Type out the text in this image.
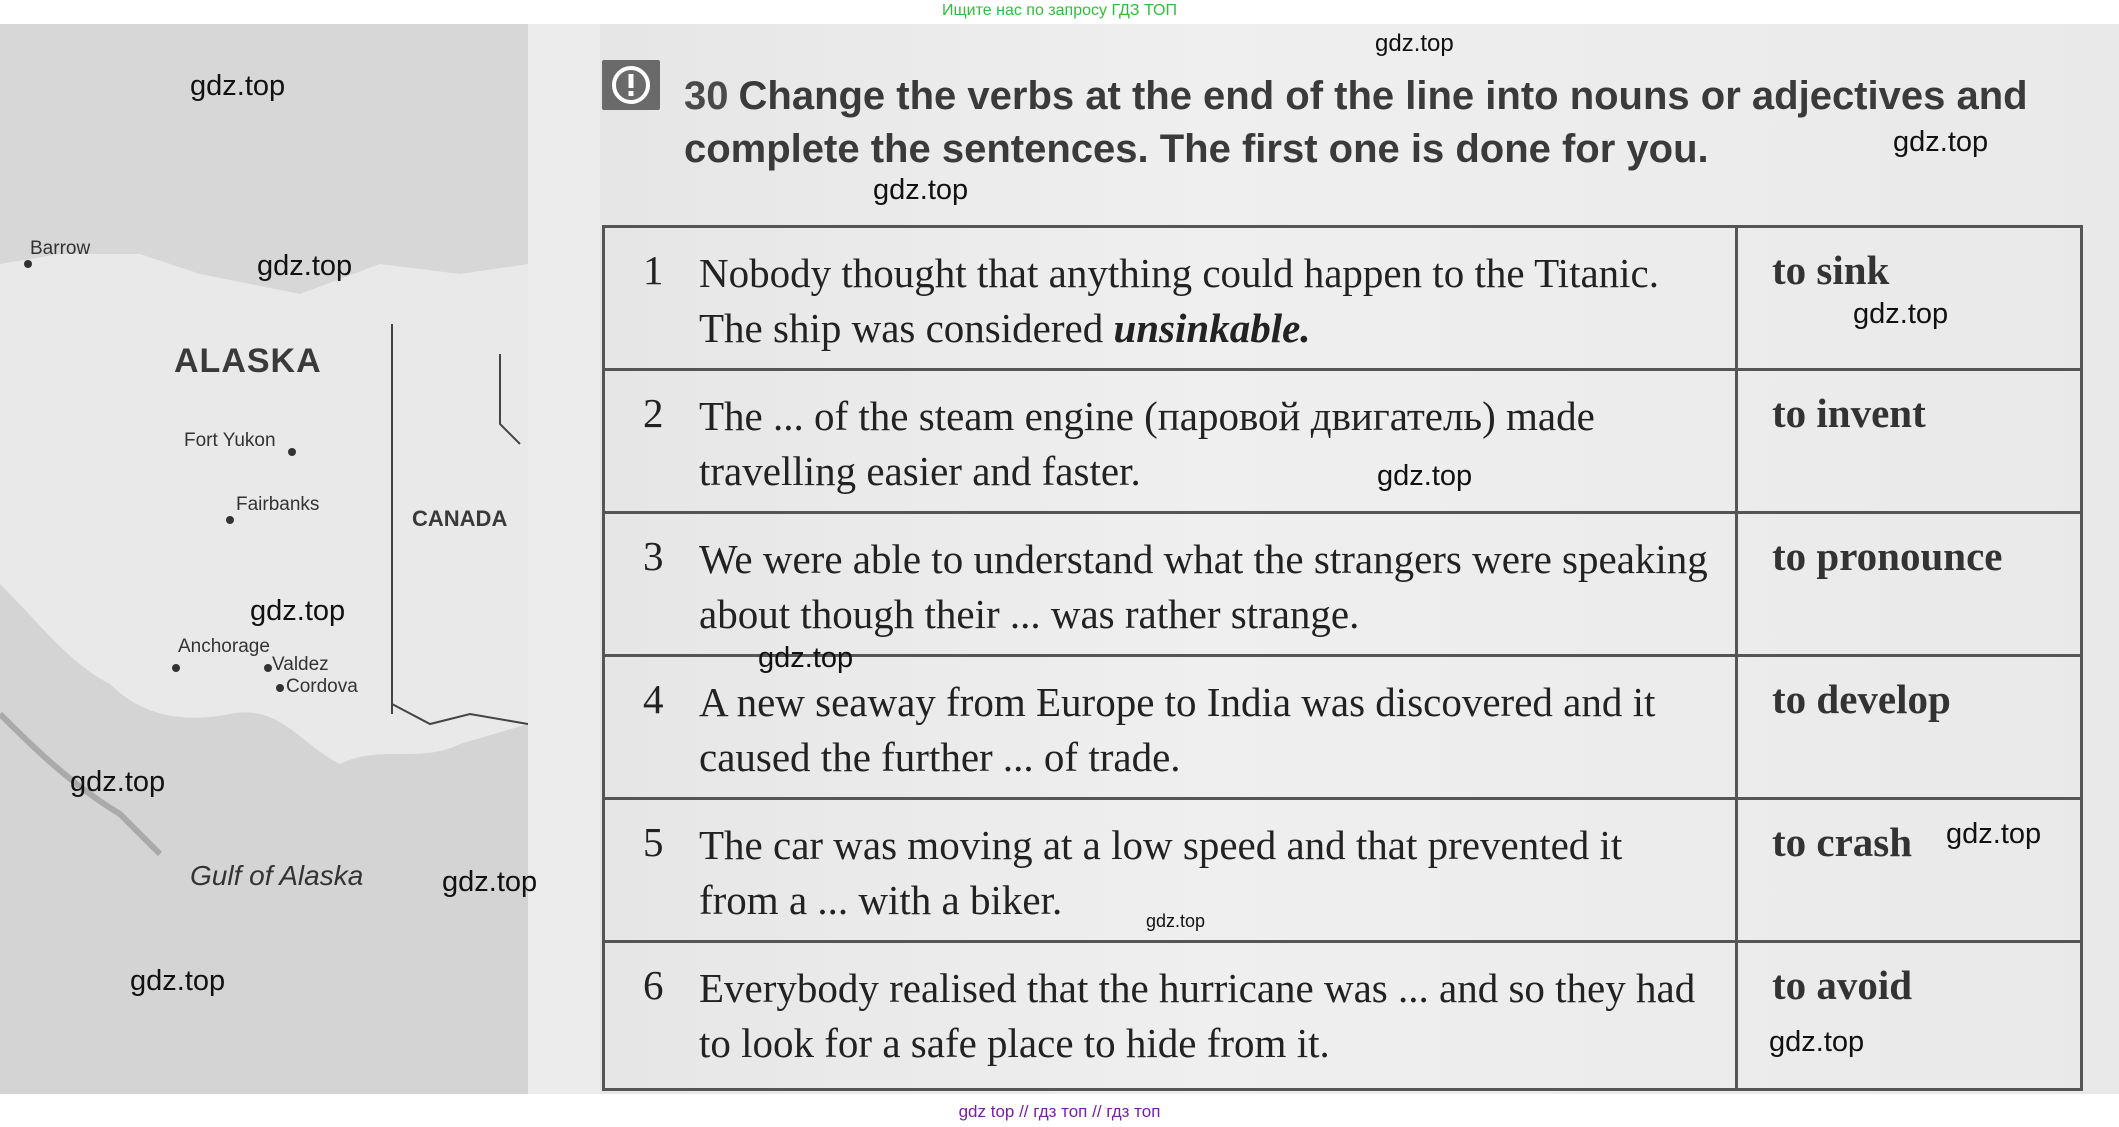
Ищите нас по запросу ГДЗ ТОП
Barrow
ALASKA
Fort Yukon
Fairbanks
CANADA
Anchorage
Valdez
Cordova
Gulf of Alaska
30 Change the verbs at the end of the line into nouns or adjectives and complete the sentences. The first one is done for you.
1 Nobody thought that anything could happen to the Titanic. The ship was considered unsinkable.
to sink
2 The ... of the steam engine (паровой двигатель) made travelling easier and faster.
to invent
3 We were able to understand what the strangers were speaking about though their ... was rather strange.
to pronounce
4 A new seaway from Europe to India was discovered and it caused the further ... of trade.
to develop
5 The car was moving at a low speed and that prevented it from a ... with a biker.
to crash
6 Everybody realised that the hurricane was ... and so they had to look for a safe place to hide from it.
to avoid
gdz.top
gdz.top
gdz.top
gdz.top
gdz.top
gdz.top
gdz.top
gdz.top
gdz.top
gdz.top
gdz.top
gdz.top
gdz.top
gdz.top
gdz.top
gdz top // гдз топ // гдз топ
